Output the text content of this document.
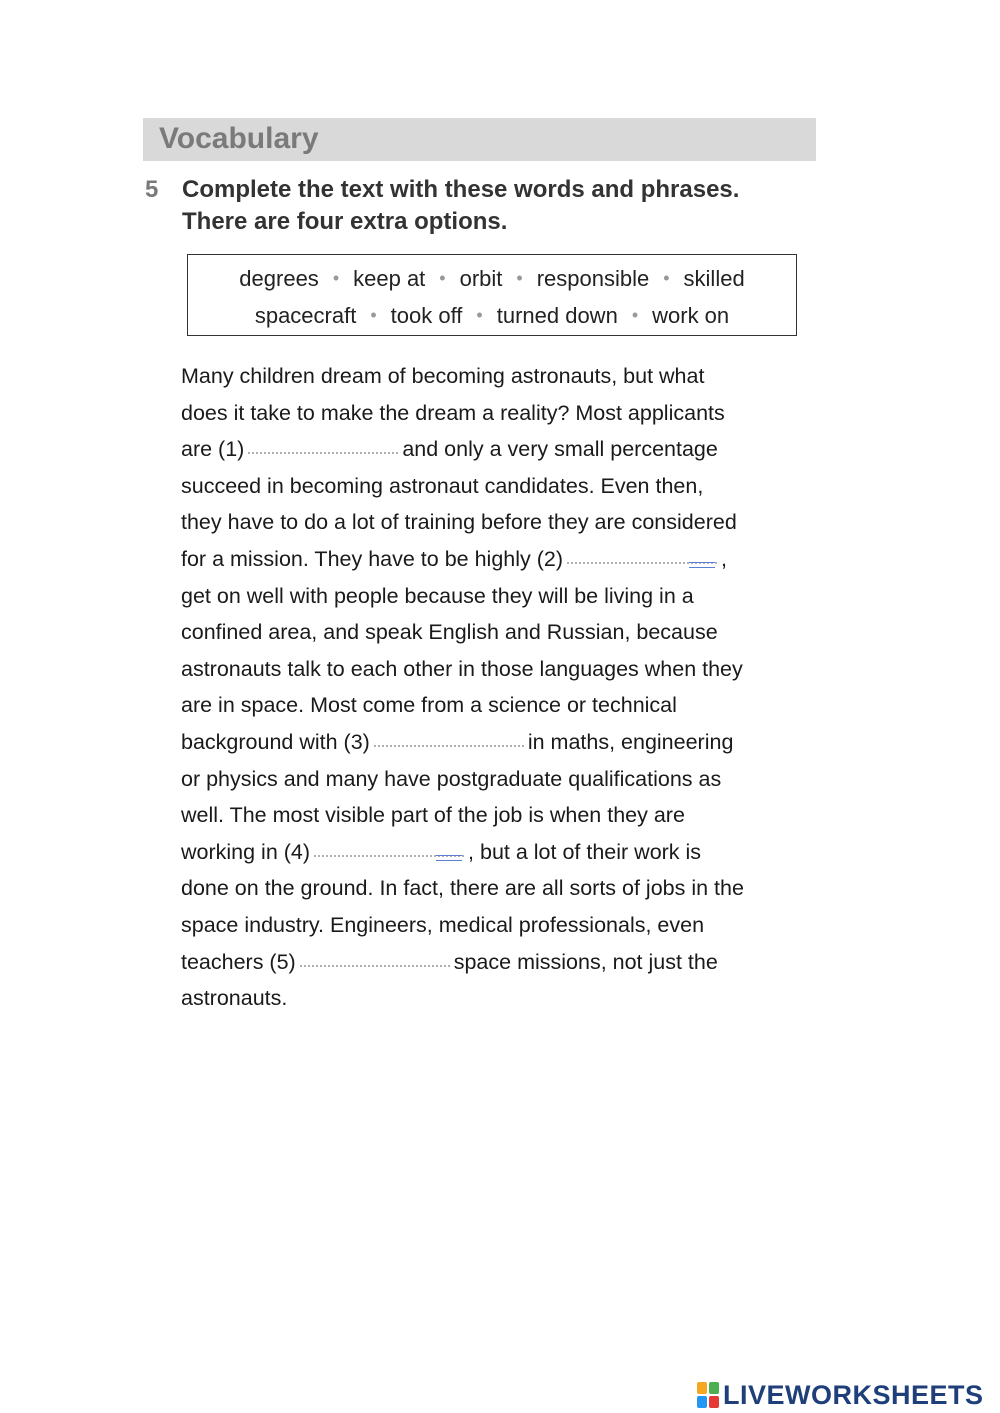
Vocabulary
5 Complete the text with these words and phrases.
There are four extra options.
degrees • keep at • orbit • responsible • skilled
spacecraft • took off • turned down • work on
Many children dream of becoming astronauts, but what
does it take to make the dream a reality? Most applicants
are (1)	and only a very small percentage
succeed in becoming astronaut candidates. Even then,
they have to do a lot of training before they are considered
for a mission. They have to be highly (2)	,
get on well with people because they will be living in a
confined area, and speak English and Russian, because
astronauts talk to each other in those languages when they
are in space. Most come from a science or technical
background with (3)	in maths, engineering
or physics and many have postgraduate qualifications as
well. The most visible part of the job is when they are
working in (4)	, but a lot of their work is
done on the ground. In fact, there are all sorts of jobs in the
space industry. Engineers, medical professionals, even
teachers (5)	space missions, not just the
astronauts.
LIVEWORKSHEETS
